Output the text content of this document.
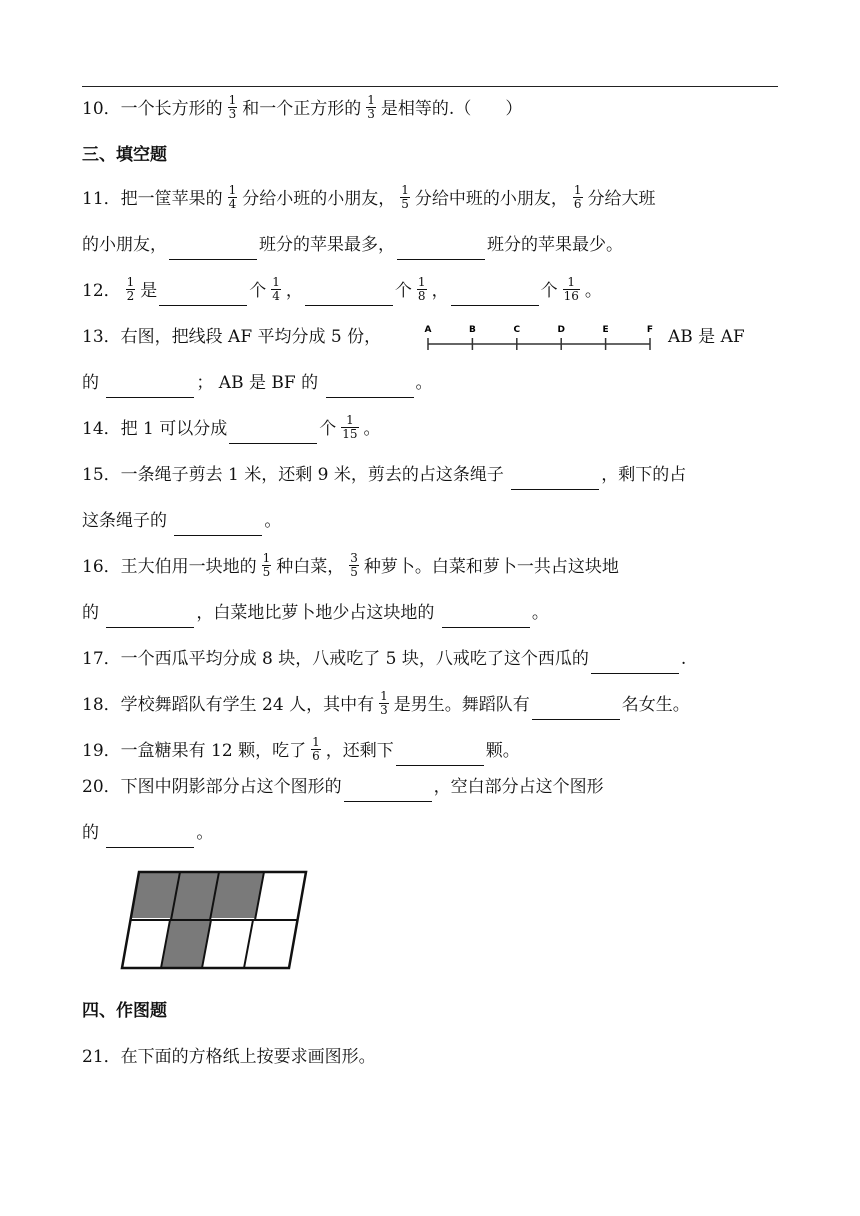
10．一个长方形的 $\frac{1}{3}$ 和一个正方形的 $\frac{1}{3}$ 是相等的.（　　）
三、填空题
11．把一筐苹果的 $\frac{1}{4}$ 分给小班的小朋友， $\frac{1}{5}$ 分给中班的小朋友， $\frac{1}{6}$ 分给大班
的小朋友，	班分的苹果最多，	班分的苹果最少。
12． $\frac{1}{2}$ 是	个 $\frac{1}{4}$ ，	个 $\frac{1}{8}$ ，	个 $\frac{1}{16}$ 。
13．右图，把线段 AF 平均分成 5 份，	A	B	C	D	E	F AB 是 AF
的	； AB 是 BF 的	。
14．把 1 可以分成	个 $\frac{1}{15}$ 。
15．一条绳子剪去 1 米，还剩 9 米，剪去的占这条绳子	，剩下的占
这条绳子的	。
16．王大伯用一块地的 $\frac{1}{5}$ 种白菜， $\frac{3}{5}$ 种萝卜。白菜和萝卜一共占这块地
的	，白菜地比萝卜地少占这块地的	。
17．一个西瓜平均分成 8 块，八戒吃了 5 块，八戒吃了这个西瓜的	.
18．学校舞蹈队有学生 24 人，其中有 $\frac{1}{3}$ 是男生。舞蹈队有	名女生。
19．一盒糖果有 12 颗，吃了 $\frac{1}{6}$ ，还剩下	颗。
20．下图中阴影部分占这个图形的	，空白部分占这个图形
的	。
四、作图题
21．在下面的方格纸上按要求画图形。
